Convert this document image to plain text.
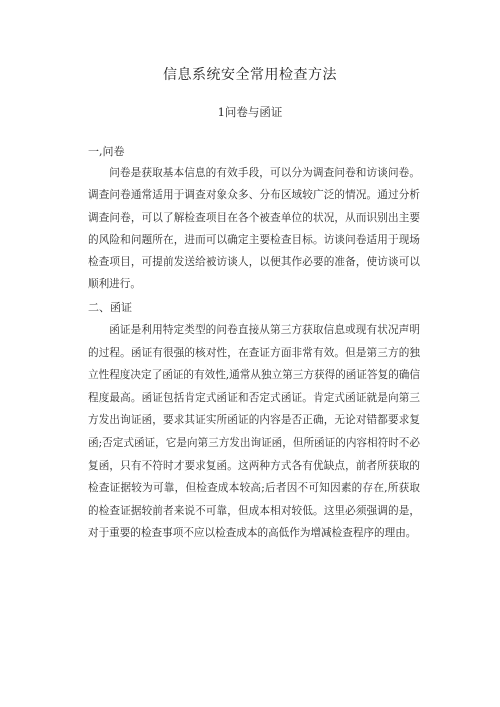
信息系统安全常用检查方法
1问卷与函证
一,问卷

问卷是获取基本信息的有效手段，可以分为调查问卷和访谈问卷。调查问卷通常适用于调查对象众多、分布区域较广泛的情况。通过分析调查问卷，可以了解检查项目在各个被查单位的状况，从而识别出主要的风险和问题所在，进而可以确定主要检查目标。访谈问卷适用于现场检查项目，可提前发送给被访谈人，以便其作必要的准备，使访谈可以顺利进行。

二、函证

函证是利用特定类型的问卷直接从第三方获取信息或现有状况声明的过程。函证有很强的核对性，在查证方面非常有效。但是第三方的独立性程度决定了函证的有效性,通常从独立第三方获得的函证答复的确信程度最高。函证包括肯定式函证和否定式函证。肯定式函证就是向第三方发出询证函，要求其证实所函证的内容是否正确，无论对错都要求复函;否定式函证，它是向第三方发出询证函，但所函证的内容相符时不必复函，只有不符时才要求复函。这两种方式各有优缺点，前者所获取的检查证据较为可靠，但检查成本较高;后者因不可知因素的存在,所获取的检查证据较前者来说不可靠，但成本相对较低。这里必须强调的是，对于重要的检查事项不应以检查成本的高低作为增减检查程序的理由。
